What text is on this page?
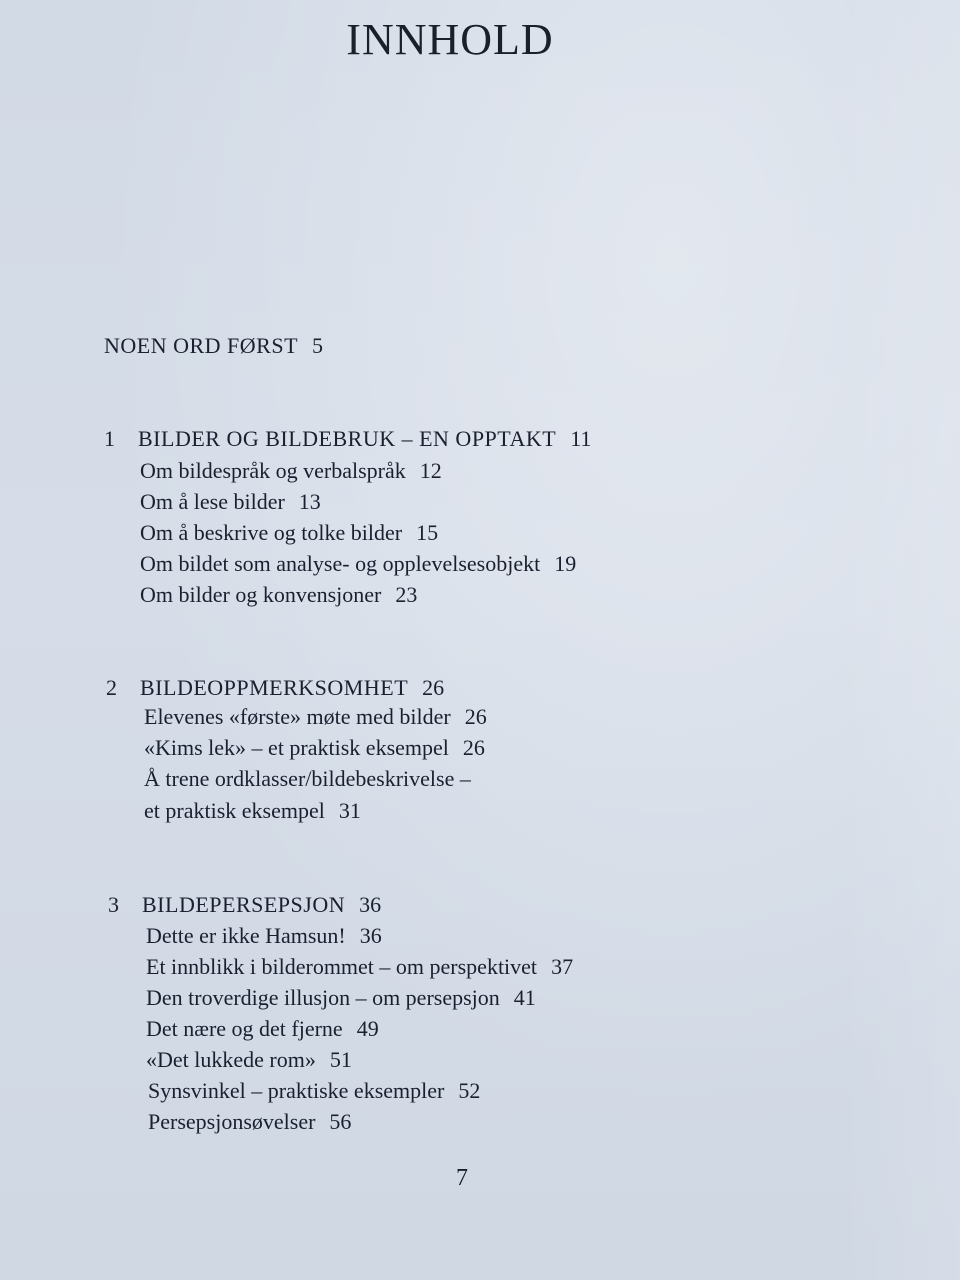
INNHOLD
NOEN ORD FØRST 5
1 BILDER OG BILDEBRUK – EN OPPTAKT 11
Om bildespråk og verbalspråk 12
Om å lese bilder 13
Om å beskrive og tolke bilder 15
Om bildet som analyse- og opplevelsesobjekt 19
Om bilder og konvensjoner 23
2 BILDEOPPMERKSOMHET 26
Elevenes «første» møte med bilder 26
«Kims lek» – et praktisk eksempel 26
Å trene ordklasser/bildebeskrivelse –
et praktisk eksempel 31
3 BILDEPERSEPSJON 36
Dette er ikke Hamsun! 36
Et innblikk i bilderommet – om perspektivet 37
Den troverdige illusjon – om persepsjon 41
Det nære og det fjerne 49
«Det lukkede rom» 51
Synsvinkel – praktiske eksempler 52
Persepsjonsøvelser 56
7
